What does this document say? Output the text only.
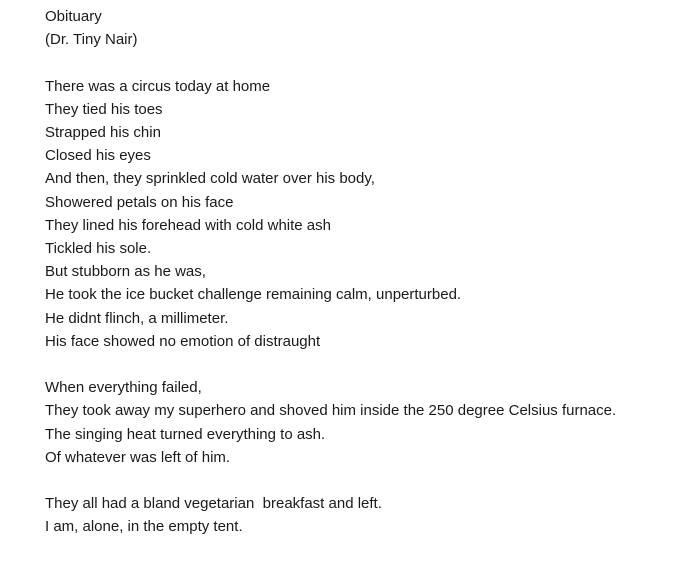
Obituary
(Dr. Tiny Nair)
There was a circus today at home
They tied his toes
Strapped his chin
Closed his eyes
And then, they sprinkled cold water over his body,
Showered petals on his face
They lined his forehead with cold white ash
Tickled his sole.
But stubborn as he was,
He took the ice bucket challenge remaining calm, unperturbed.
He didnt flinch, a millimeter.
His face showed no emotion of distraught
When everything failed,
They took away my superhero and shoved him inside the 250 degree Celsius furnace.
The singing heat turned everything to ash.
Of whatever was left of him.
They all had a bland vegetarian  breakfast and left.
I am, alone, in the empty tent.
